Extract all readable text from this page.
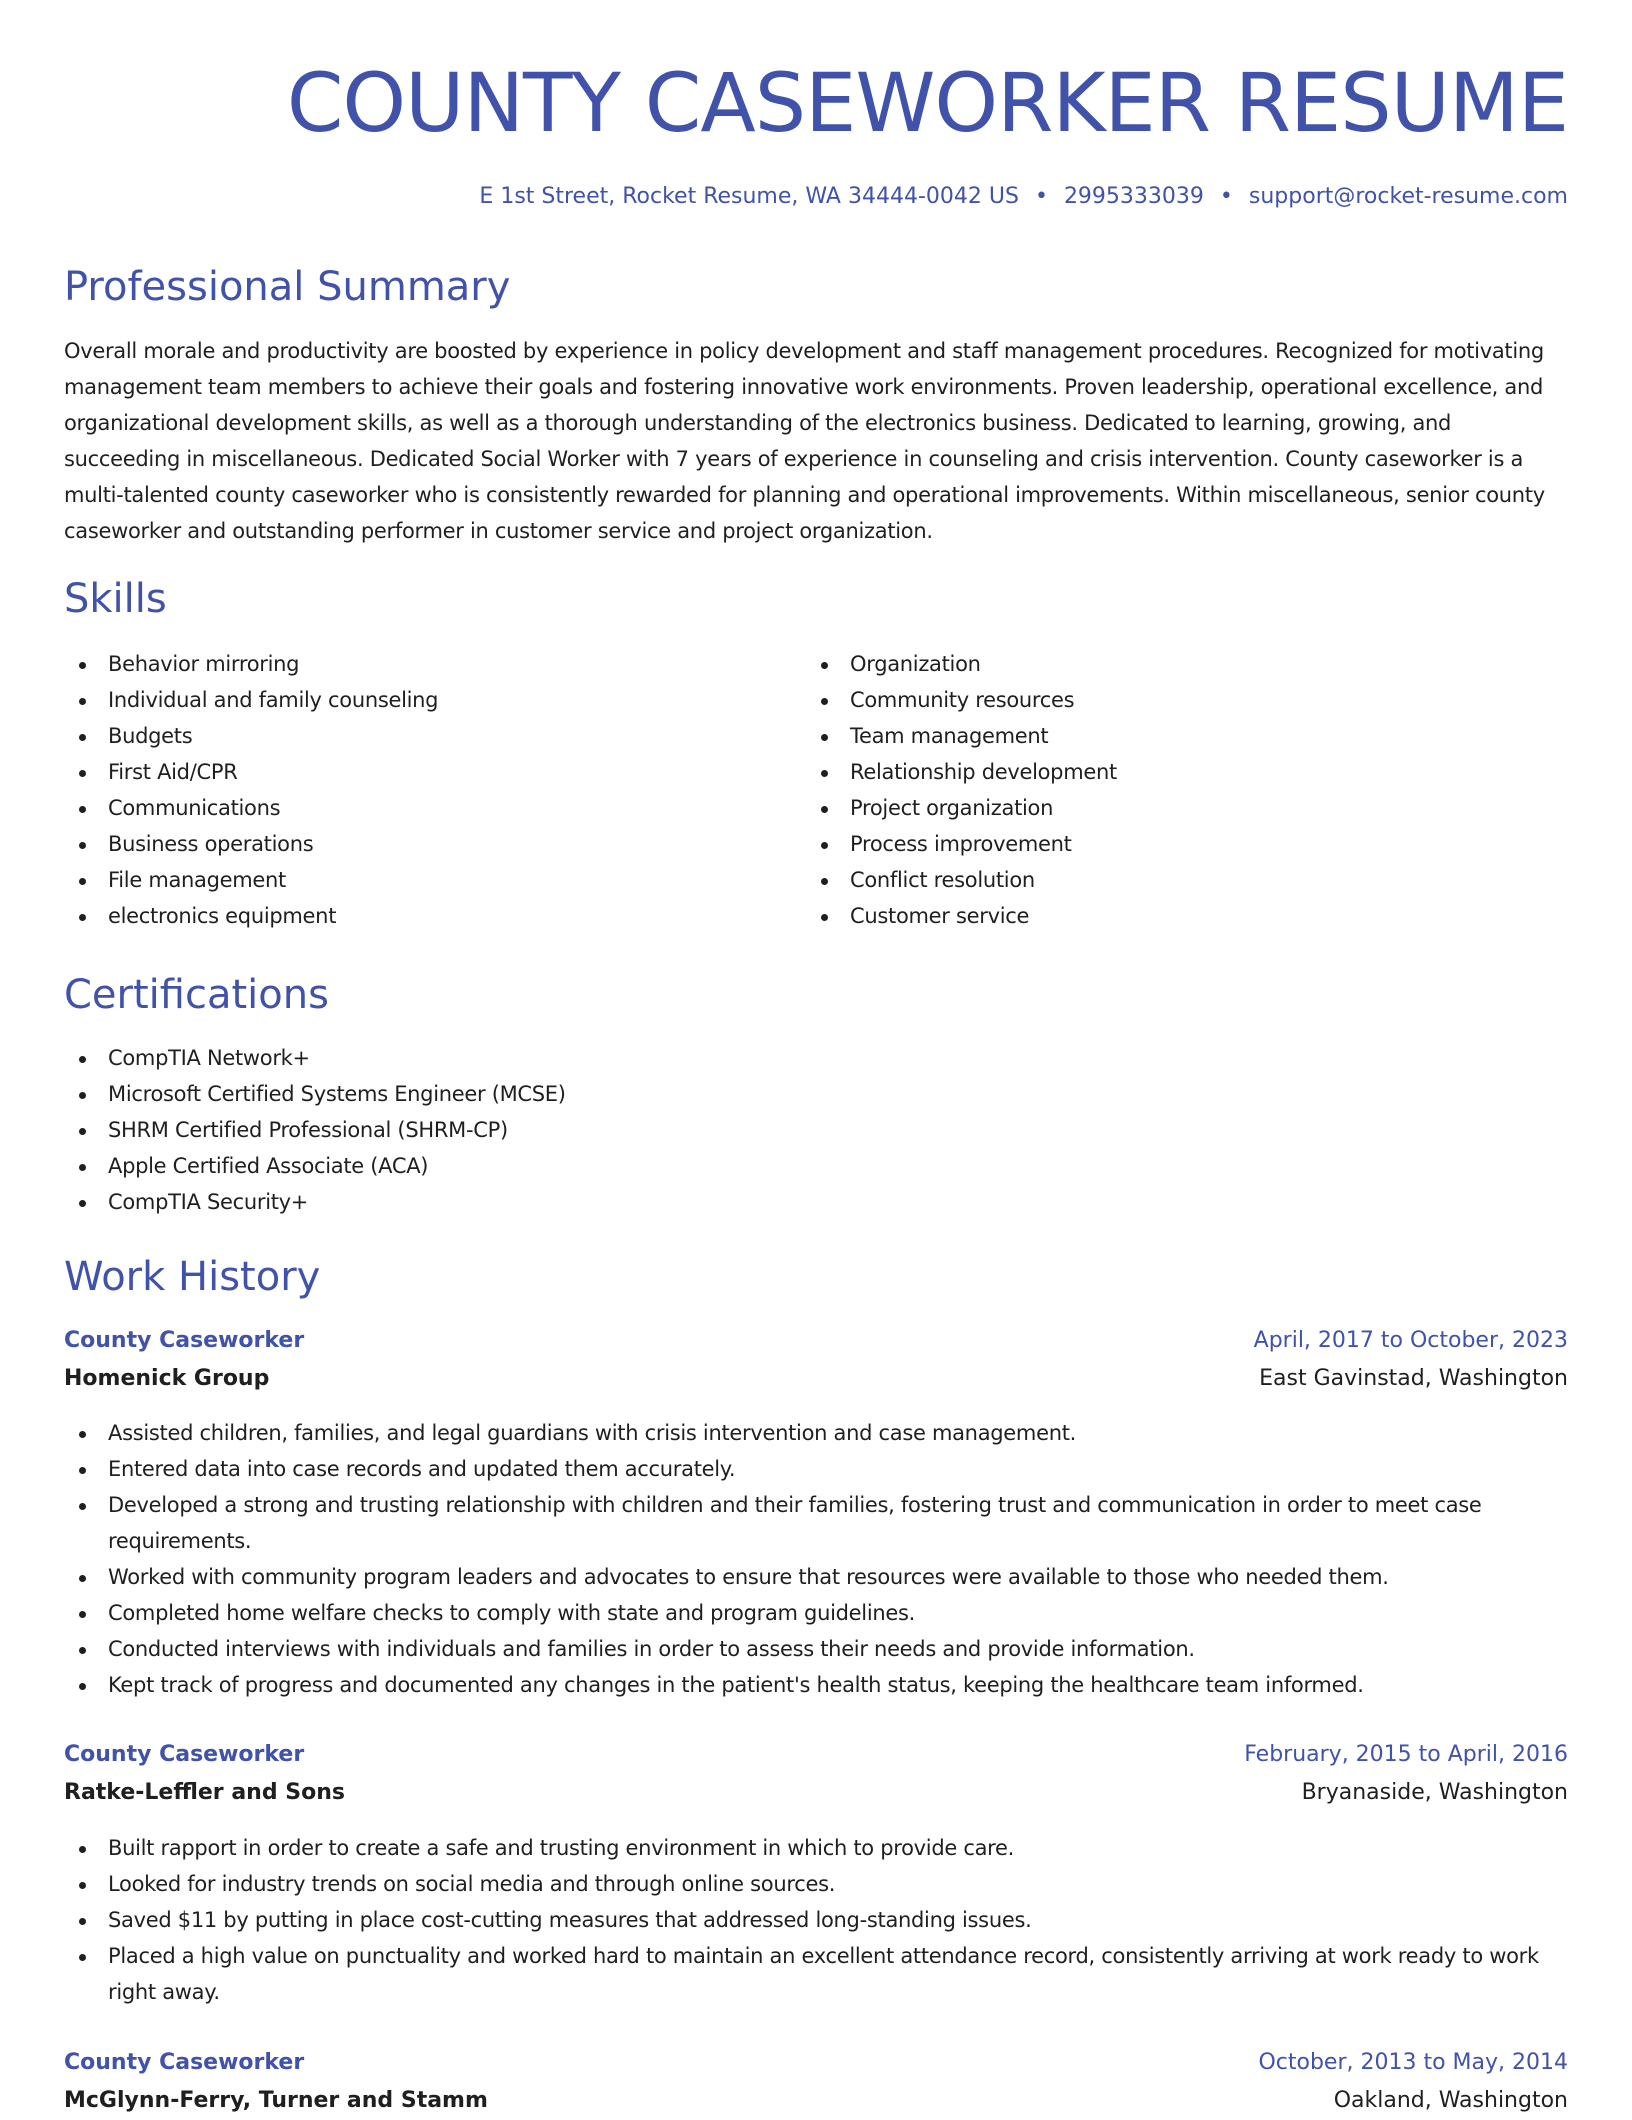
COUNTY CASEWORKER RESUME
E 1st Street, Rocket Resume, WA 34444-0042 US • 2995333039 • support@rocket-resume.com
Professional Summary

Overall morale and productivity are boosted by experience in policy development and staff management procedures. Recognized for motivating management team members to achieve their goals and fostering innovative work environments. Proven leadership, operational excellence, and organizational development skills, as well as a thorough understanding of the electronics business. Dedicated to learning, growing, and succeeding in miscellaneous. Dedicated Social Worker with 7 years of experience in counseling and crisis intervention. County caseworker is a multi-talented county caseworker who is consistently rewarded for planning and operational improvements. Within miscellaneous, senior county caseworker and outstanding performer in customer service and project organization.

Skills
Behavior mirroring
Individual and family counseling
Budgets
First Aid/CPR
Communications
Business operations
File management
electronics equipment
Organization
Community resources
Team management
Relationship development
Project organization
Process improvement
Conflict resolution
Customer service
Certifications
CompTIA Network+
Microsoft Certified Systems Engineer (MCSE)
SHRM Certified Professional (SHRM-CP)
Apple Certified Associate (ACA)
CompTIA Security+
Work History
County Caseworker	April, 2017 to October, 2023
Homenick Group	East Gavinstad, Washington
Assisted children, families, and legal guardians with crisis intervention and case management.
Entered data into case records and updated them accurately.
Developed a strong and trusting relationship with children and their families, fostering trust and communication in order to meet case requirements.
Worked with community program leaders and advocates to ensure that resources were available to those who needed them.
Completed home welfare checks to comply with state and program guidelines.
Conducted interviews with individuals and families in order to assess their needs and provide information.
Kept track of progress and documented any changes in the patient's health status, keeping the healthcare team informed.
County Caseworker	February, 2015 to April, 2016
Ratke-Leffler and Sons	Bryanaside, Washington
Built rapport in order to create a safe and trusting environment in which to provide care.
Looked for industry trends on social media and through online sources.
Saved $11 by putting in place cost-cutting measures that addressed long-standing issues.
Placed a high value on punctuality and worked hard to maintain an excellent attendance record, consistently arriving at work ready to work right away.
County Caseworker	October, 2013 to May, 2014
McGlynn-Ferry, Turner and Stamm	Oakland, Washington
